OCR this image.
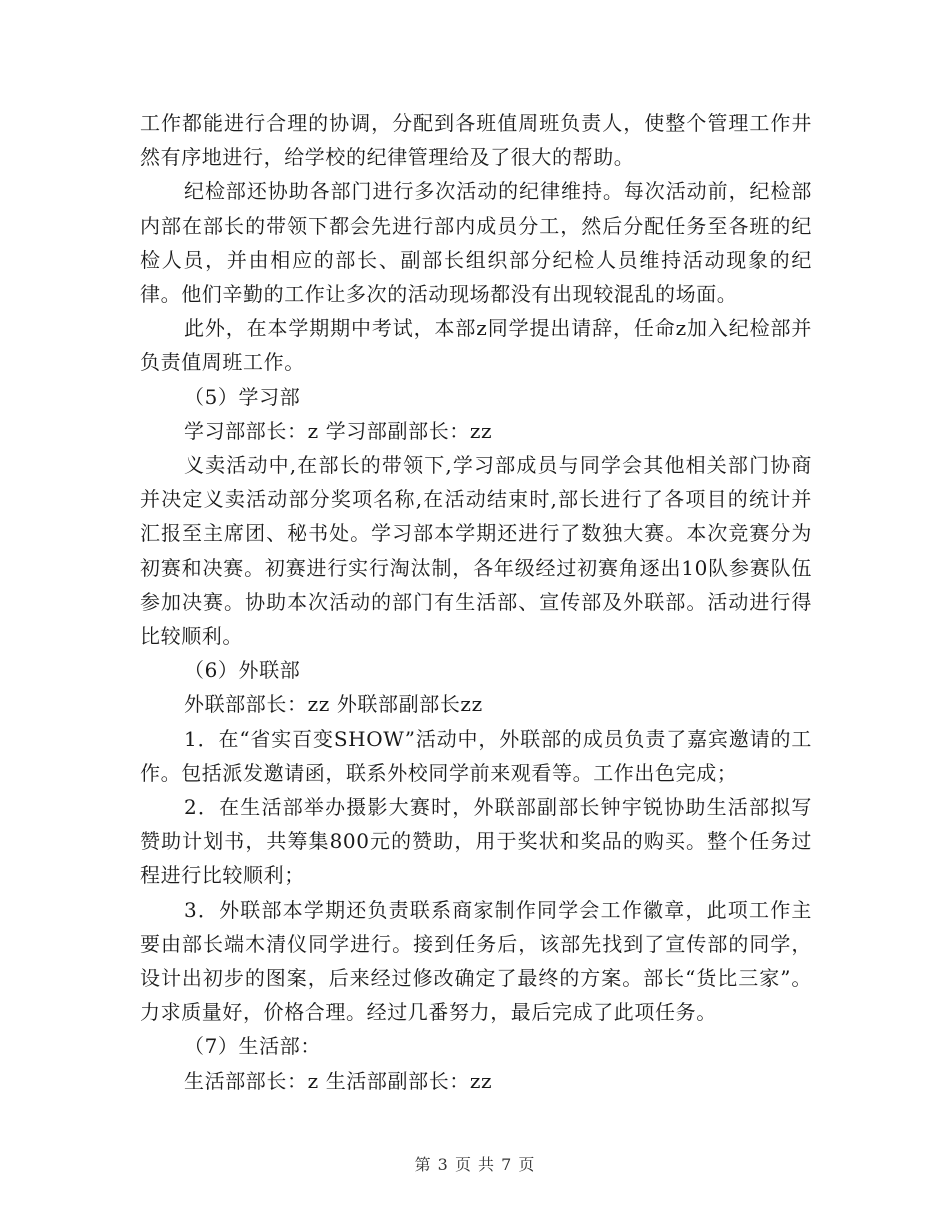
工作都能进行合理的协调，分配到各班值周班负责人，使整个管理工作井然有序地进行，给学校的纪律管理给及了很大的帮助。

纪检部还协助各部门进行多次活动的纪律维持。每次活动前，纪检部内部在部长的带领下都会先进行部内成员分工，然后分配任务至各班的纪检人员，并由相应的部长、副部长组织部分纪检人员维持活动现象的纪律。他们辛勤的工作让多次的活动现场都没有出现较混乱的场面。

此外，在本学期期中考试，本部z同学提出请辞，任命z加入纪检部并负责值周班工作。

（5）学习部

学习部部长：z 学习部副部长：zz

义卖活动中,在部长的带领下,学习部成员与同学会其他相关部门协商并决定义卖活动部分奖项名称,在活动结束时,部长进行了各项目的统计并汇报至主席团、秘书处。学习部本学期还进行了数独大赛。本次竞赛分为初赛和决赛。初赛进行实行淘汰制，各年级经过初赛角逐出10队参赛队伍参加决赛。协助本次活动的部门有生活部、宣传部及外联部。活动进行得比较顺利。

（6）外联部

外联部部长：zz 外联部副部长zz

1．在“省实百变SHOW”活动中，外联部的成员负责了嘉宾邀请的工作。包括派发邀请函，联系外校同学前来观看等。工作出色完成；

2．在生活部举办摄影大赛时，外联部副部长钟宇锐协助生活部拟写赞助计划书，共筹集800元的赞助，用于奖状和奖品的购买。整个任务过程进行比较顺利；

3．外联部本学期还负责联系商家制作同学会工作徽章，此项工作主要由部长端木清仪同学进行。接到任务后，该部先找到了宣传部的同学，设计出初步的图案，后来经过修改确定了最终的方案。部长“货比三家”。力求质量好，价格合理。经过几番努力，最后完成了此项任务。

（7）生活部：

生活部部长：z 生活部副部长：zz

第 3 页 共 7 页
